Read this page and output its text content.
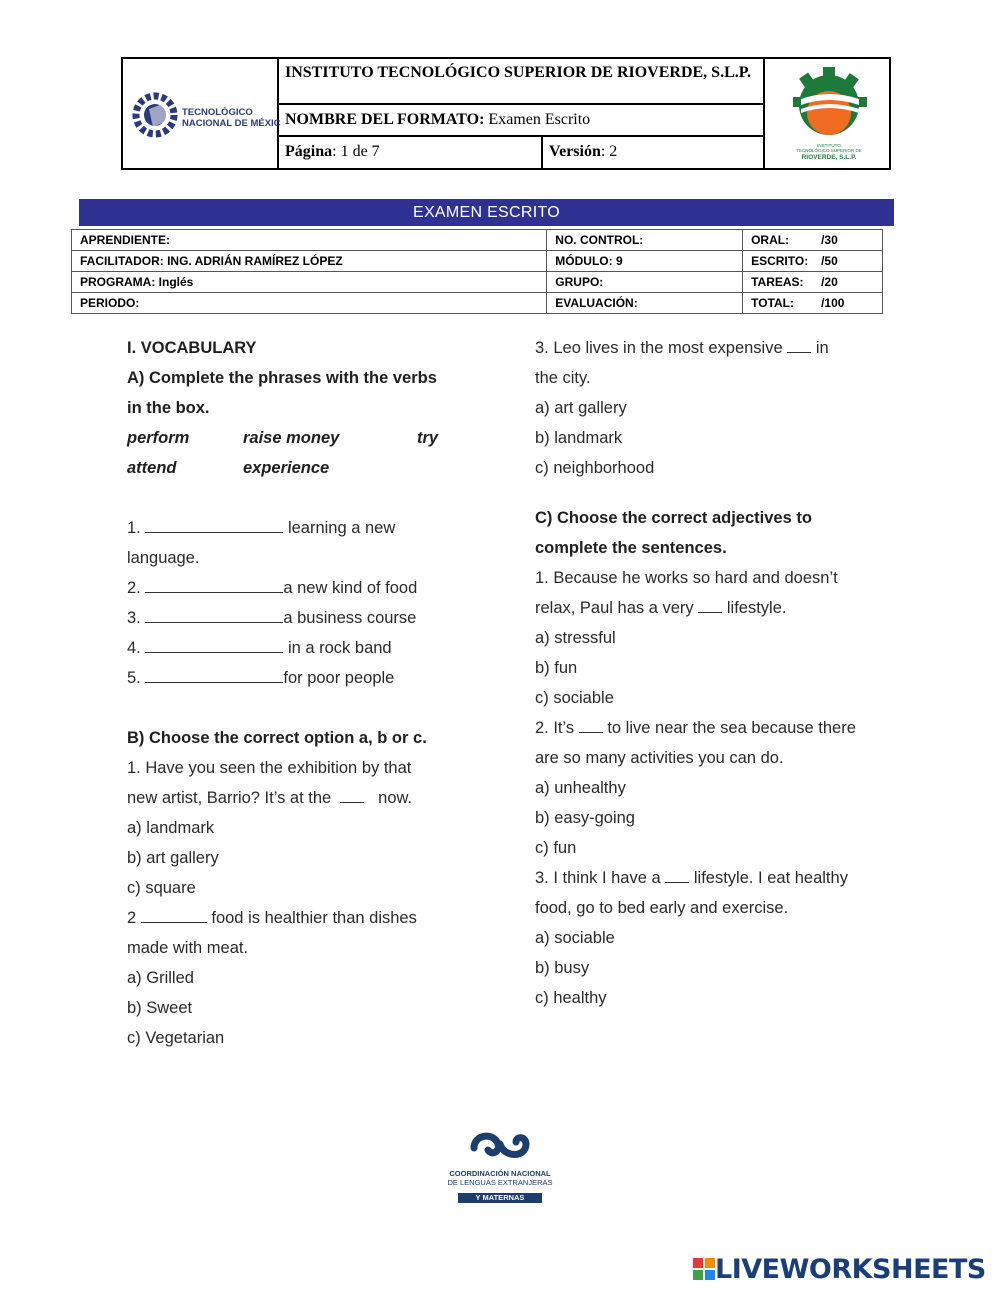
TECNOLÓGICO
NACIONAL DE MÉXICO
INSTITUTO TECNOLÓGICO SUPERIOR DE RIOVERDE, S.L.P.
NOMBRE DEL FORMATO: Examen Escrito
Página: 1 de 7	Versión: 2	INSTITUTO
TECNOLÓGICO SUPERIOR DE
RIOVERDE, S.L.P.
EXAMEN ESCRITO
APRENDIENTE:	NO. CONTROL:	ORAL: /30
FACILITADOR: ING. ADRIÁN RAMÍREZ LÓPEZ	MÓDULO: 9	ESCRITO: /50
PROGRAMA: Inglés	GRUPO:	TAREAS: /20
PERIODO:	EVALUACIÓN:	TOTAL: /100

I. VOCABULARY

A) Complete the phrases with the verbs

in the box.

perform	raise money	try

attend	experience

1.	learning a new

language.

2.	a new kind of food

3.	a business course

4.	in a rock band

5.	for poor people

B) Choose the correct option a, b or c.

1. Have you seen the exhibition by that

new artist, Barrio? It’s at the	now.

a) landmark

b) art gallery

c) square

2	food is healthier than dishes

made with meat.

a) Grilled

b) Sweet

c) Vegetarian

3. Leo lives in the most expensive in

the city.

a) art gallery

b) landmark

c) neighborhood

C) Choose the correct adjectives to

complete the sentences.

1. Because he works so hard and doesn’t

relax, Paul has a very lifestyle.

a) stressful

b) fun

c) sociable

2. It’s to live near the sea because there

are so many activities you can do.

a) unhealthy

b) easy-going

c) fun

3. I think I have a lifestyle. I eat healthy

food, go to bed early and exercise.

a) sociable

b) busy

c) healthy

COORDINACIÓN NACIONAL
DE LENGUAS EXTRANJERAS
Y MATERNAS
LIVEWORKSHEETS
